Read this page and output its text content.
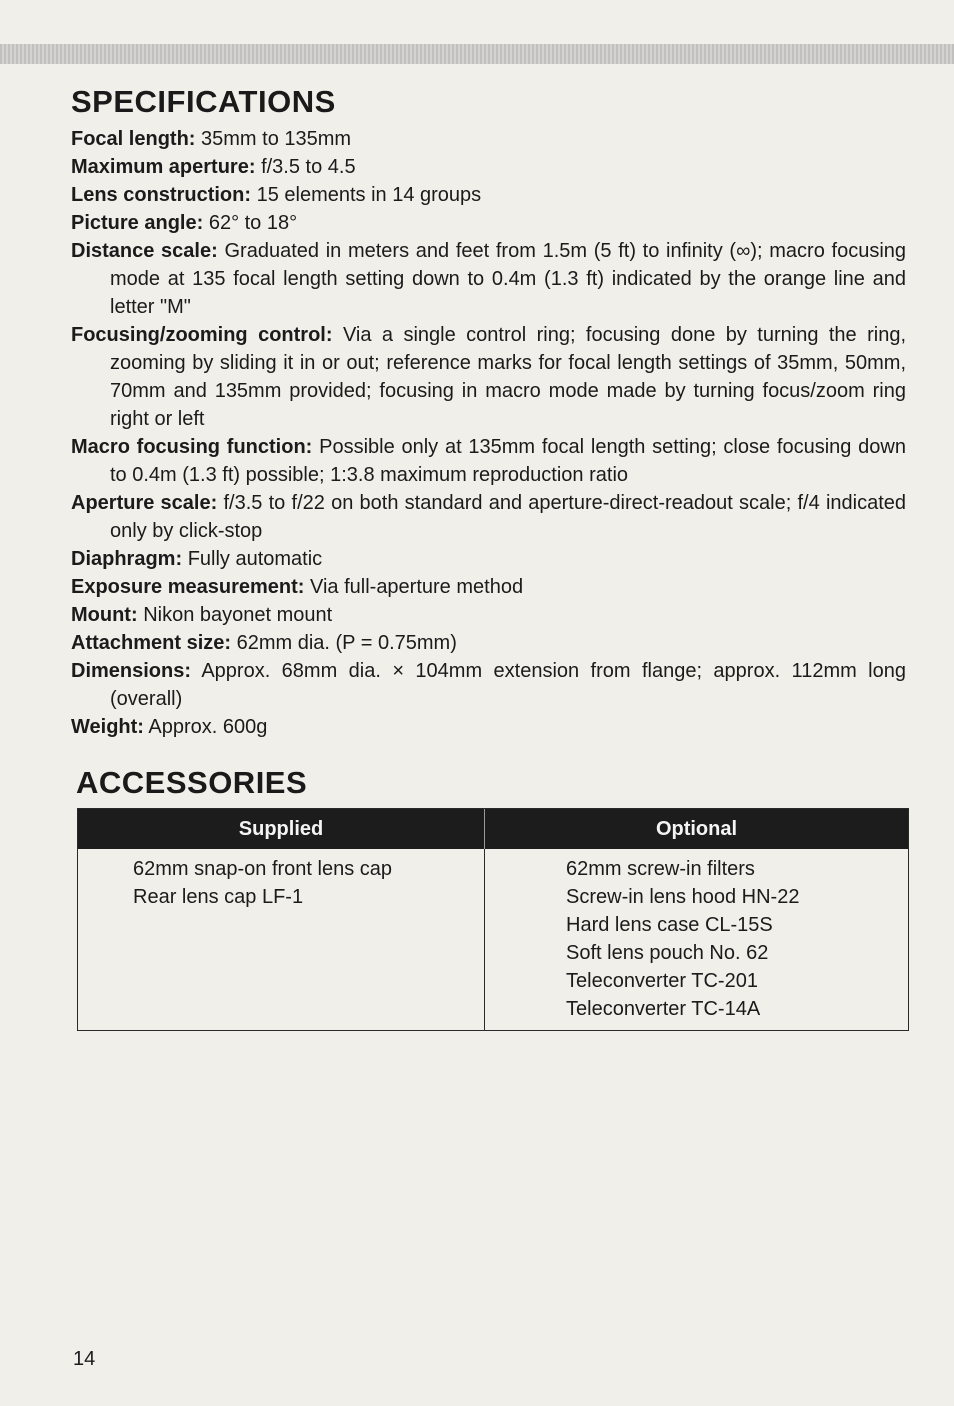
SPECIFICATIONS
Focal length: 35mm to 135mm
Maximum aperture: f/3.5 to 4.5
Lens construction: 15 elements in 14 groups
Picture angle: 62° to 18°
Distance scale: Graduated in meters and feet from 1.5m (5 ft) to infinity (∞); macro focusing mode at 135 focal length setting down to 0.4m (1.3 ft) indicated by the orange line and letter "M"
Focusing/zooming control: Via a single control ring; focusing done by turning the ring, zooming by sliding it in or out; reference marks for focal length settings of 35mm, 50mm, 70mm and 135mm provided; focusing in macro mode made by turning focus/zoom ring right or left
Macro focusing function: Possible only at 135mm focal length setting; close focusing down to 0.4m (1.3 ft) possible; 1:3.8 maximum reproduction ratio
Aperture scale: f/3.5 to f/22 on both standard and aperture-direct-readout scale; f/4 indicated only by click-stop
Diaphragm: Fully automatic
Exposure measurement: Via full-aperture method
Mount: Nikon bayonet mount
Attachment size: 62mm dia. (P = 0.75mm)
Dimensions: Approx. 68mm dia. × 104mm extension from flange; approx. 112mm long (overall)
Weight: Approx. 600g
ACCESSORIES
Supplied	Optional
62mm snap-on front lens cap
Rear lens cap LF-1
62mm screw-in filters
Screw-in lens hood HN-22
Hard lens case CL-15S
Soft lens pouch No. 62
Teleconverter TC-201
Teleconverter TC-14A
14
